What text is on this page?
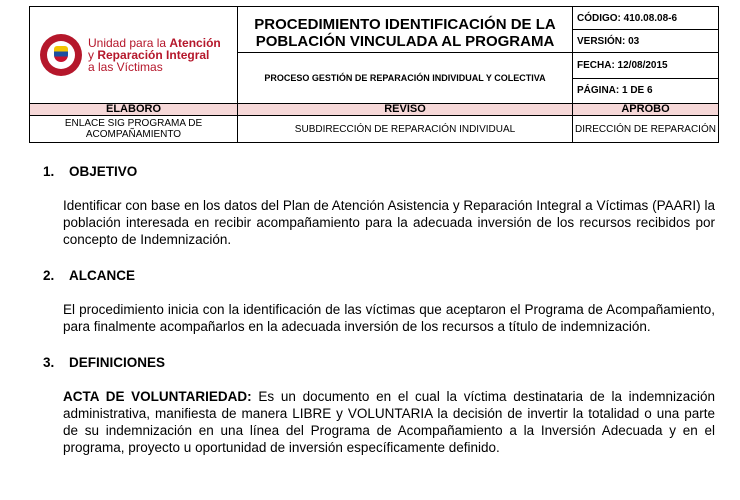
Unidad para la Atención
y Reparación Integral
a las Víctimas	PROCEDIMIENTO IDENTIFICACIÓN DE LA POBLACIÓN VINCULADA AL PROGRAMA	CÓDIGO: 410.08.08-6
		VERSIÓN: 03

	PROCESO GESTIÓN DE REPARACIÓN INDIVIDUAL Y COLECTIVA	FECHA: 12/08/2015
		PÁGINA: 1 DE 6
ELABORO	REVISO	APROBO
ENLACE SIG PROGRAMA DE ACOMPAÑAMIENTO	SUBDIRECCIÓN DE REPARACIÓN INDIVIDUAL	DIRECCIÓN DE REPARACIÓN
1.	OBJETIVO

Identificar con base en los datos del Plan de Atención Asistencia y Reparación Integral a Víctimas (PAARI) la población interesada en recibir acompañamiento para la adecuada inversión de los recursos recibidos por concepto de Indemnización.

2.	ALCANCE

El procedimiento inicia con la identificación de las víctimas que aceptaron el Programa de Acompañamiento, para finalmente acompañarlos en la adecuada inversión de los recursos a título de indemnización.

3.	DEFINICIONES

ACTA DE VOLUNTARIEDAD: Es un documento en el cual la víctima destinataria de la indemnización administrativa, manifiesta de manera LIBRE y VOLUNTARIA la decisión de invertir la totalidad o una parte de su indemnización en una línea del Programa de Acompañamiento a la Inversión Adecuada y en el programa, proyecto u oportunidad de inversión específicamente definido.
